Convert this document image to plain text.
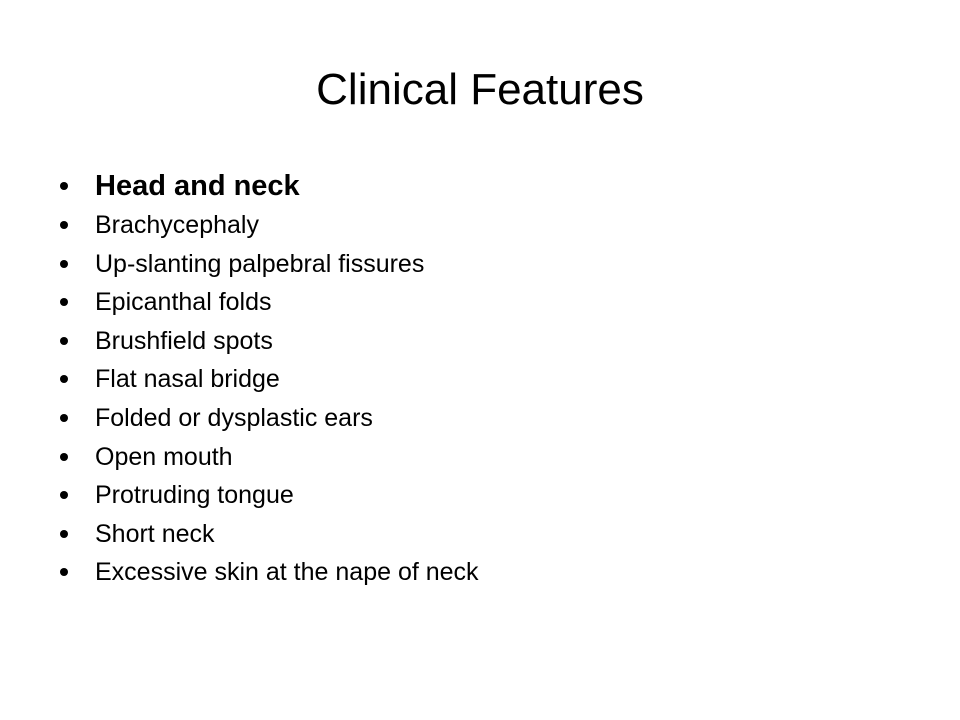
Clinical Features
Head and neck
Brachycephaly
Up-slanting palpebral fissures
Epicanthal folds
Brushfield spots
Flat nasal bridge
Folded or dysplastic ears
Open mouth
Protruding tongue
Short neck
Excessive skin at the nape of neck
